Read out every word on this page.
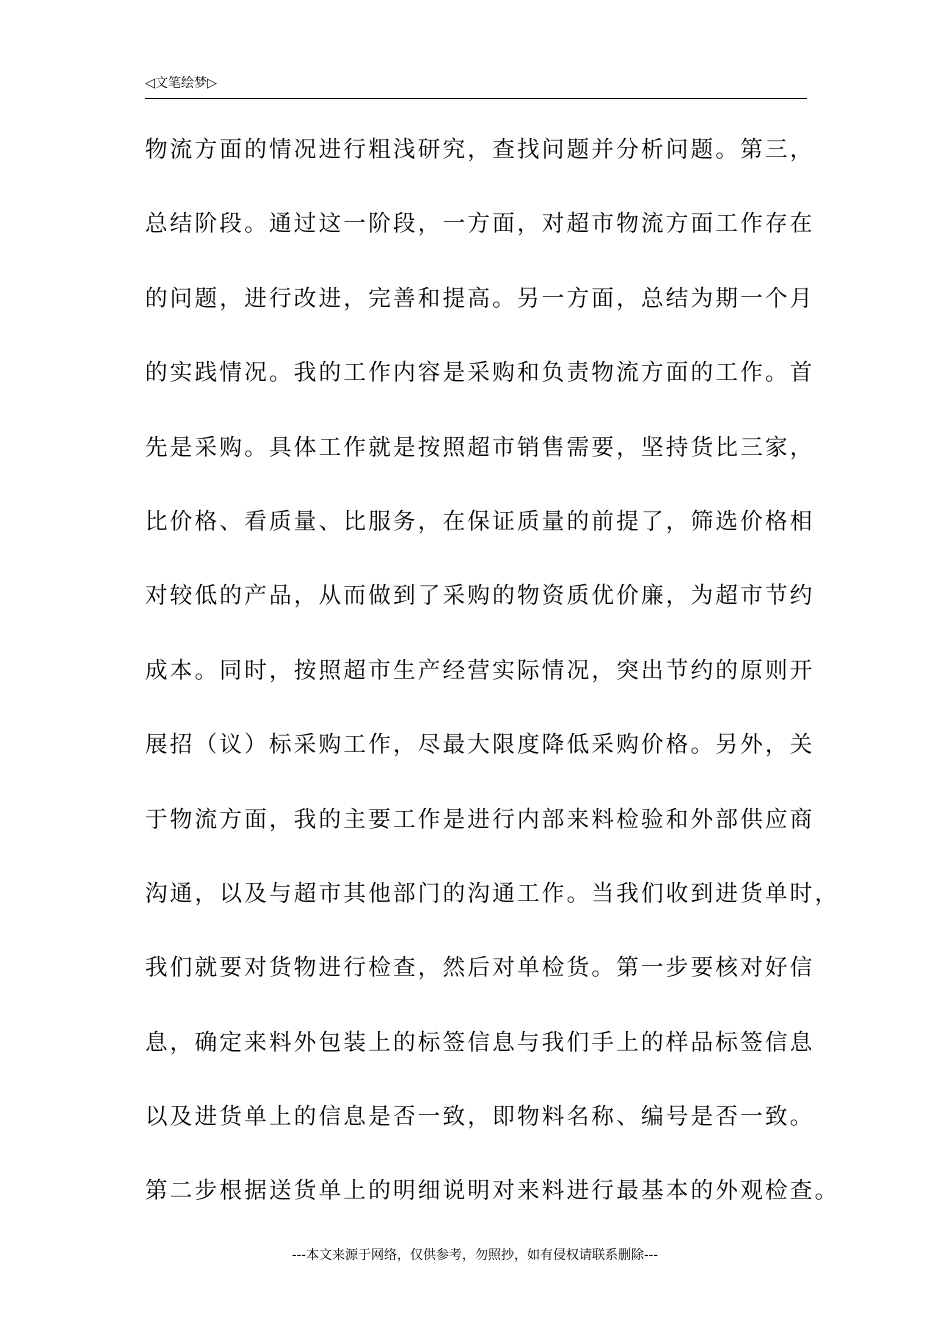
◁文笔绘梦▷
物流方面的情况进行粗浅研究，查找问题并分析问题。第三，
总结阶段。通过这一阶段，一方面，对超市物流方面工作存在
的问题，进行改进，完善和提高。另一方面，总结为期一个月
的实践情况。我的工作内容是采购和负责物流方面的工作。首
先是采购。具体工作就是按照超市销售需要，坚持货比三家，
比价格、看质量、比服务，在保证质量的前提了，筛选价格相
对较低的产品，从而做到了采购的物资质优价廉，为超市节约
成本。同时，按照超市生产经营实际情况，突出节约的原则开
展招（议）标采购工作，尽最大限度降低采购价格。另外，关
于物流方面，我的主要工作是进行内部来料检验和外部供应商
沟通，以及与超市其他部门的沟通工作。当我们收到进货单时，
我们就要对货物进行检查，然后对单检货。第一步要核对好信
息，确定来料外包装上的标签信息与我们手上的样品标签信息
以及进货单上的信息是否一致，即物料名称、编号是否一致。
第二步根据送货单上的明细说明对来料进行最基本的外观检查。
---本文来源于网络，仅供参考，勿照抄，如有侵权请联系删除---
